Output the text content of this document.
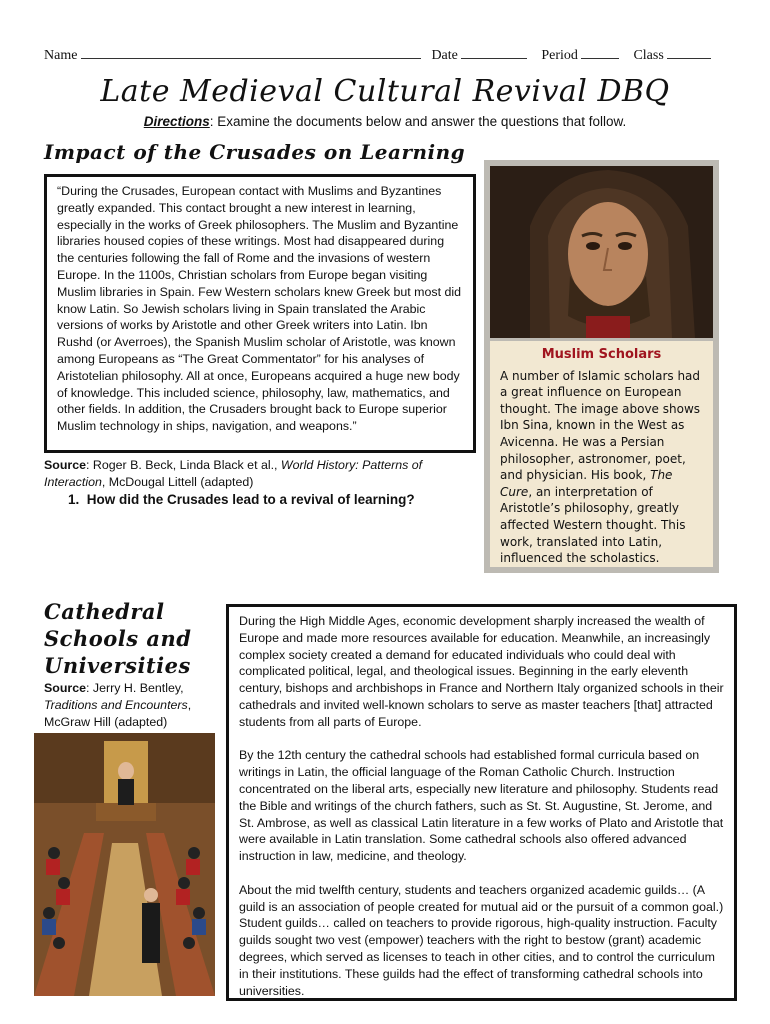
Name	Date	Period	Class
Late Medieval Cultural Revival DBQ
Directions: Examine the documents below and answer the questions that follow.
Impact of the Crusades on Learning
“During the Crusades, European contact with Muslims and Byzantines greatly expanded. This contact brought a new interest in learning, especially in the works of Greek philosophers. The Muslim and Byzantine libraries housed copies of these writings. Most had disappeared during the centuries following the fall of Rome and the invasions of western Europe. In the 1100s, Christian scholars from Europe began visiting Muslim libraries in Spain. Few Western scholars knew Greek but most did know Latin. So Jewish scholars living in Spain translated the Arabic versions of works by Aristotle and other Greek writers into Latin. Ibn Rushd (or Averroes), the Spanish Muslim scholar of Aristotle, was known among Europeans as “The Great Commentator” for his analyses of Aristotelian philosophy. All at once, Europeans acquired a huge new body of knowledge. This included science, philosophy, law, mathematics, and other fields. In addition, the Crusaders brought back to Europe superior Muslim technology in ships, navigation, and weapons.”
Source: Roger B. Beck, Linda Black et al., World History: Patterns of Interaction, McDougal Littell (adapted)
1. How did the Crusades lead to a revival of learning?
Muslim Scholars
A number of Islamic scholars had a great influence on European thought. The image above shows Ibn Sina, known in the West as Avicenna. He was a Persian philosopher, astronomer, poet, and physician. His book, The Cure, an interpretation of Aristotle’s philosophy, greatly affected Western thought. This work, translated into Latin, influenced the scholastics.
Cathedral
Schools and
Universities
Source: Jerry H. Bentley,
Traditions and Encounters, McGraw Hill (adapted)

During the High Middle Ages, economic development sharply increased the wealth of Europe and made more resources available for education. Meanwhile, an increasingly complex society created a demand for educated individuals who could deal with complicated political, legal, and theological issues. Beginning in the early eleventh century, bishops and archbishops in France and Northern Italy organized schools in their cathedrals and invited well-known scholars to serve as master teachers [that] attracted students from all parts of Europe.

By the 12th century the cathedral schools had established formal curricula based on writings in Latin, the official language of the Roman Catholic Church. Instruction concentrated on the liberal arts, especially new literature and philosophy. Students read the Bible and writings of the church fathers, such as St. St. Augustine, St. Jerome, and St. Ambrose, as well as classical Latin literature in a few works of Plato and Aristotle that were available in Latin translation. Some cathedral schools also offered advanced instruction in law, medicine, and theology.

About the mid twelfth century, students and teachers organized academic guilds… (A guild is an association of people created for mutual aid or the pursuit of a common goal.) Student guilds… called on teachers to provide rigorous, high-quality instruction. Faculty guilds sought two vest (empower) teachers with the right to bestow (grant) academic degrees, which served as licenses to teach in other cities, and to control the curriculum in their institutions. These guilds had the effect of transforming cathedral schools into universities.
